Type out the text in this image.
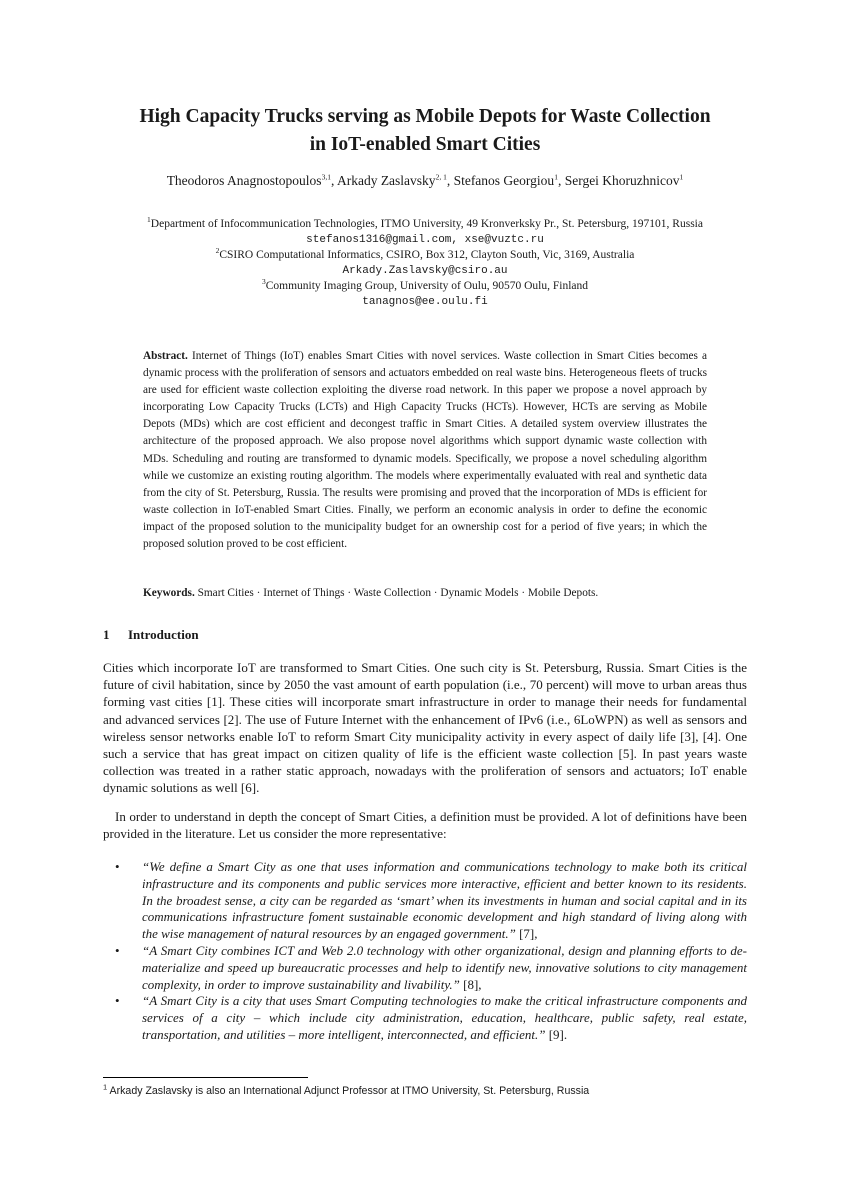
High Capacity Trucks serving as Mobile Depots for Waste Collection
in IoT-enabled Smart Cities
Theodoros Anagnostopoulos$^{3,1}$, Arkady Zaslavsky$^{2, 1}$, Stefanos Georgiou$^1$, Sergei Khoruzhnicov$^1$
$^1$Department of Infocommunication Technologies, ITMO University, 49 Kronverksky Pr., St. Petersburg, 197101, Russia
stefanos1316@gmail.com, xse@vuztc.ru
$^2$CSIRO Computational Informatics, CSIRO, Box 312, Clayton South, Vic, 3169, Australia
Arkady.Zaslavsky@csiro.au
$^3$Community Imaging Group, University of Oulu, 90570 Oulu, Finland
tanagnos@ee.oulu.fi
Abstract. Internet of Things (IoT) enables Smart Cities with novel services. Waste collection in Smart Cities becomes a dynamic process with the proliferation of sensors and actuators embedded on real waste bins. Heterogeneous fleets of trucks are used for efficient waste collection exploiting the diverse road network. In this paper we propose a novel approach by incorporating Low Capacity Trucks (LCTs) and High Capacity Trucks (HCTs). However, HCTs are serving as Mobile Depots (MDs) which are cost efficient and decongest traffic in Smart Cities. A detailed system overview illustrates the architecture of the proposed approach. We also propose novel algorithms which support dynamic waste collection with MDs. Scheduling and routing are transformed to dynamic models. Specifically, we propose a novel scheduling algorithm while we customize an existing routing algorithm. The models where experimentally evaluated with real and synthetic data from the city of St. Petersburg, Russia. The results were promising and proved that the incorporation of MDs is efficient for waste collection in IoT-enabled Smart Cities. Finally, we perform an economic analysis in order to define the economic impact of the proposed solution to the municipality budget for an ownership cost for a period of five years; in which the proposed solution proved to be cost efficient.
Keywords. Smart Cities · Internet of Things · Waste Collection · Dynamic Models · Mobile Depots.
1 Introduction
Cities which incorporate IoT are transformed to Smart Cities. One such city is St. Petersburg, Russia. Smart Cities is the future of civil habitation, since by 2050 the vast amount of earth population (i.e., 70 percent) will move to urban areas thus forming vast cities [1]. These cities will incorporate smart infrastructure in order to manage their needs for fundamental and advanced services [2]. The use of Future Internet with the enhancement of IPv6 (i.e., 6LoWPN) as well as sensors and wireless sensor networks enable IoT to reform Smart City municipality activity in every aspect of daily life [3], [4]. One such a service that has great impact on citizen quality of life is the efficient waste collection [5]. In past years waste collection was treated in a rather static approach, nowadays with the proliferation of sensors and actuators; IoT enable dynamic solutions as well [6].
In order to understand in depth the concept of Smart Cities, a definition must be provided. A lot of definitions have been provided in the literature. Let us consider the more representative:
• “We define a Smart City as one that uses information and communications technology to make both its critical infrastructure and its components and public services more interactive, efficient and better known to its residents. In the broadest sense, a city can be regarded as ‘smart’ when its investments in human and social capital and in its communications infrastructure foment sustainable economic development and high standard of living along with the wise management of natural resources by an engaged government.” [7],
• “A Smart City combines ICT and Web 2.0 technology with other organizational, design and planning efforts to de-materialize and speed up bureaucratic processes and help to identify new, innovative solutions to city management complexity, in order to improve sustainability and livability.” [8],
• “A Smart City is a city that uses Smart Computing technologies to make the critical infrastructure components and services of a city – which include city administration, education, healthcare, public safety, real estate, transportation, and utilities – more intelligent, interconnected, and efficient.” [9].
$^1$ Arkady Zaslavsky is also an International Adjunct Professor at ITMO University, St. Petersburg, Russia
